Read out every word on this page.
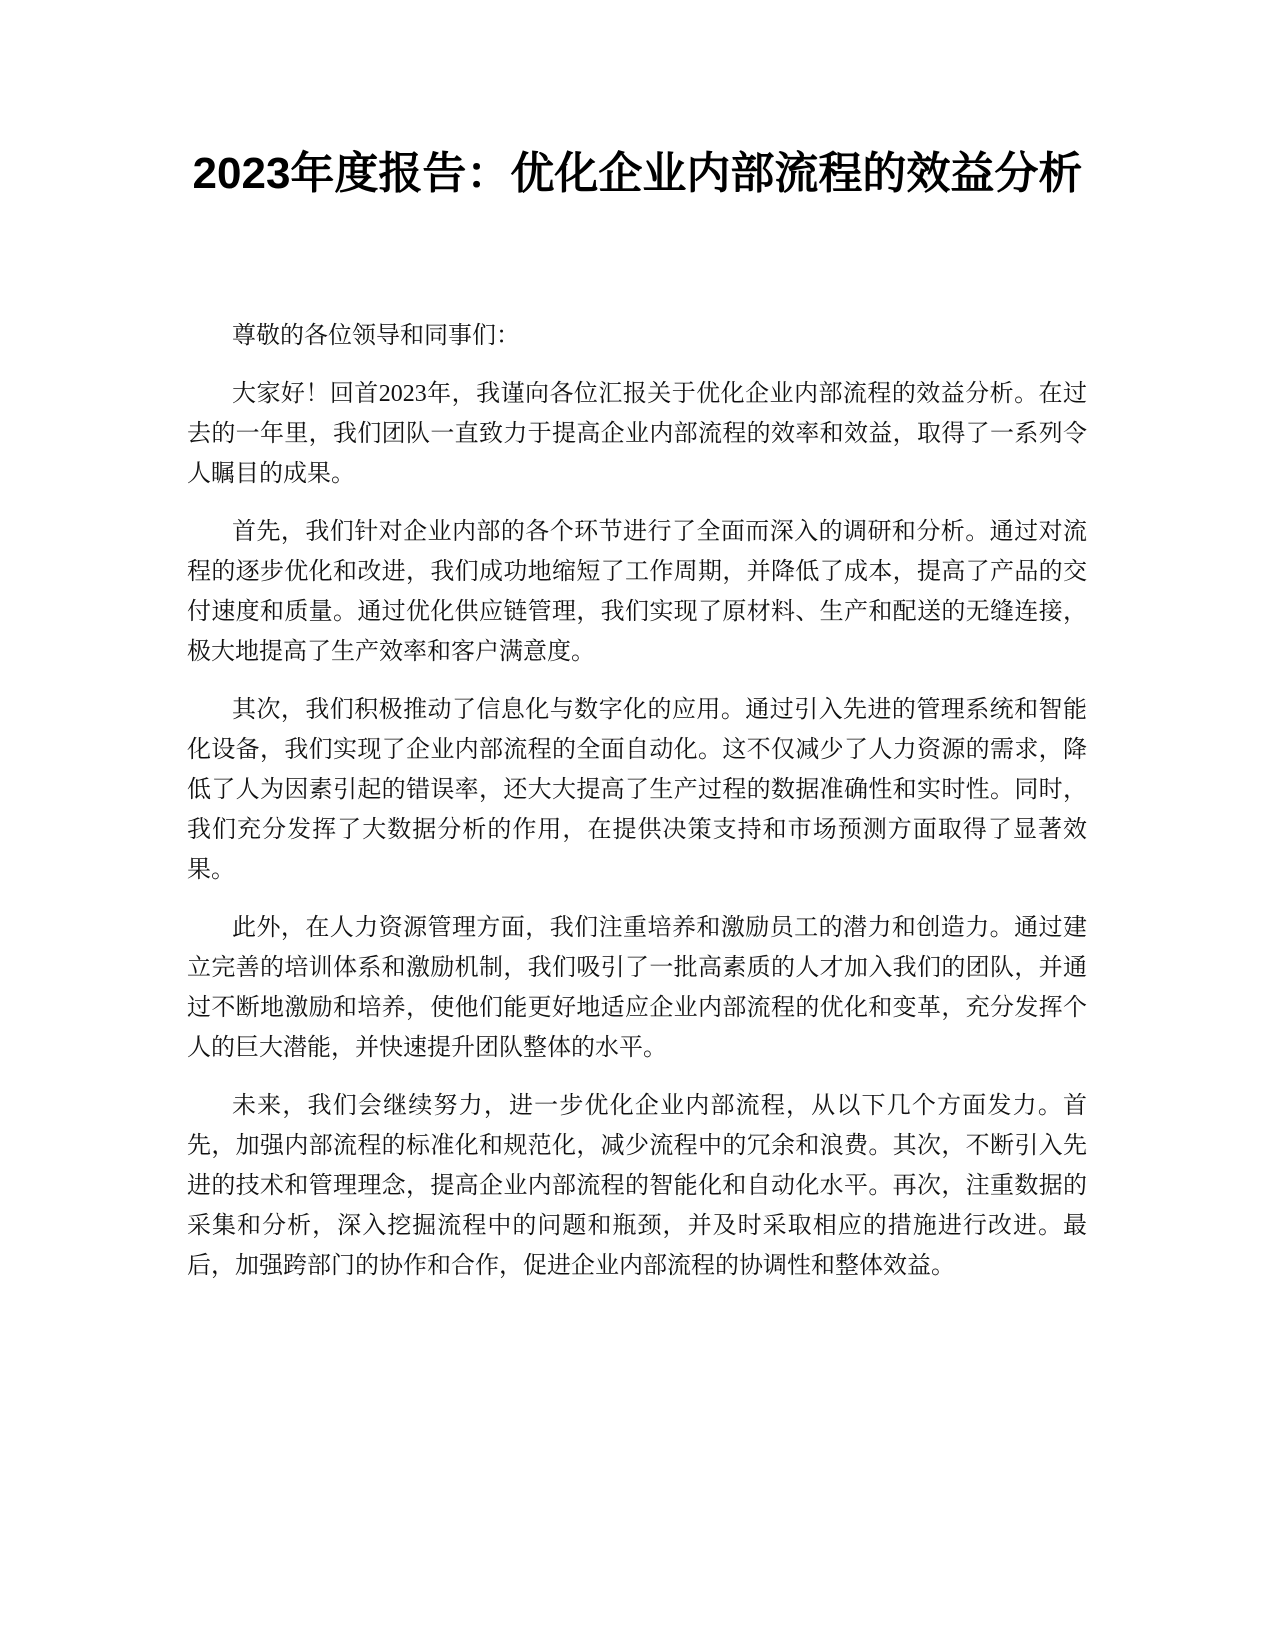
2023年度报告：优化企业内部流程的效益分析

尊敬的各位领导和同事们：

大家好！回首2023年，我谨向各位汇报关于优化企业内部流程的效益分析。在过去的一年里，我们团队一直致力于提高企业内部流程的效率和效益，取得了一系列令人瞩目的成果。

首先，我们针对企业内部的各个环节进行了全面而深入的调研和分析。通过对流程的逐步优化和改进，我们成功地缩短了工作周期，并降低了成本，提高了产品的交付速度和质量。通过优化供应链管理，我们实现了原材料、生产和配送的无缝连接，极大地提高了生产效率和客户满意度。

其次，我们积极推动了信息化与数字化的应用。通过引入先进的管理系统和智能化设备，我们实现了企业内部流程的全面自动化。这不仅减少了人力资源的需求，降低了人为因素引起的错误率，还大大提高了生产过程的数据准确性和实时性。同时，我们充分发挥了大数据分析的作用，在提供决策支持和市场预测方面取得了显著效果。

此外，在人力资源管理方面，我们注重培养和激励员工的潜力和创造力。通过建立完善的培训体系和激励机制，我们吸引了一批高素质的人才加入我们的团队，并通过不断地激励和培养，使他们能更好地适应企业内部流程的优化和变革，充分发挥个人的巨大潜能，并快速提升团队整体的水平。

未来，我们会继续努力，进一步优化企业内部流程，从以下几个方面发力。首先，加强内部流程的标准化和规范化，减少流程中的冗余和浪费。其次，不断引入先进的技术和管理理念，提高企业内部流程的智能化和自动化水平。再次，注重数据的采集和分析，深入挖掘流程中的问题和瓶颈，并及时采取相应的措施进行改进。最后，加强跨部门的协作和合作，促进企业内部流程的协调性和整体效益。
